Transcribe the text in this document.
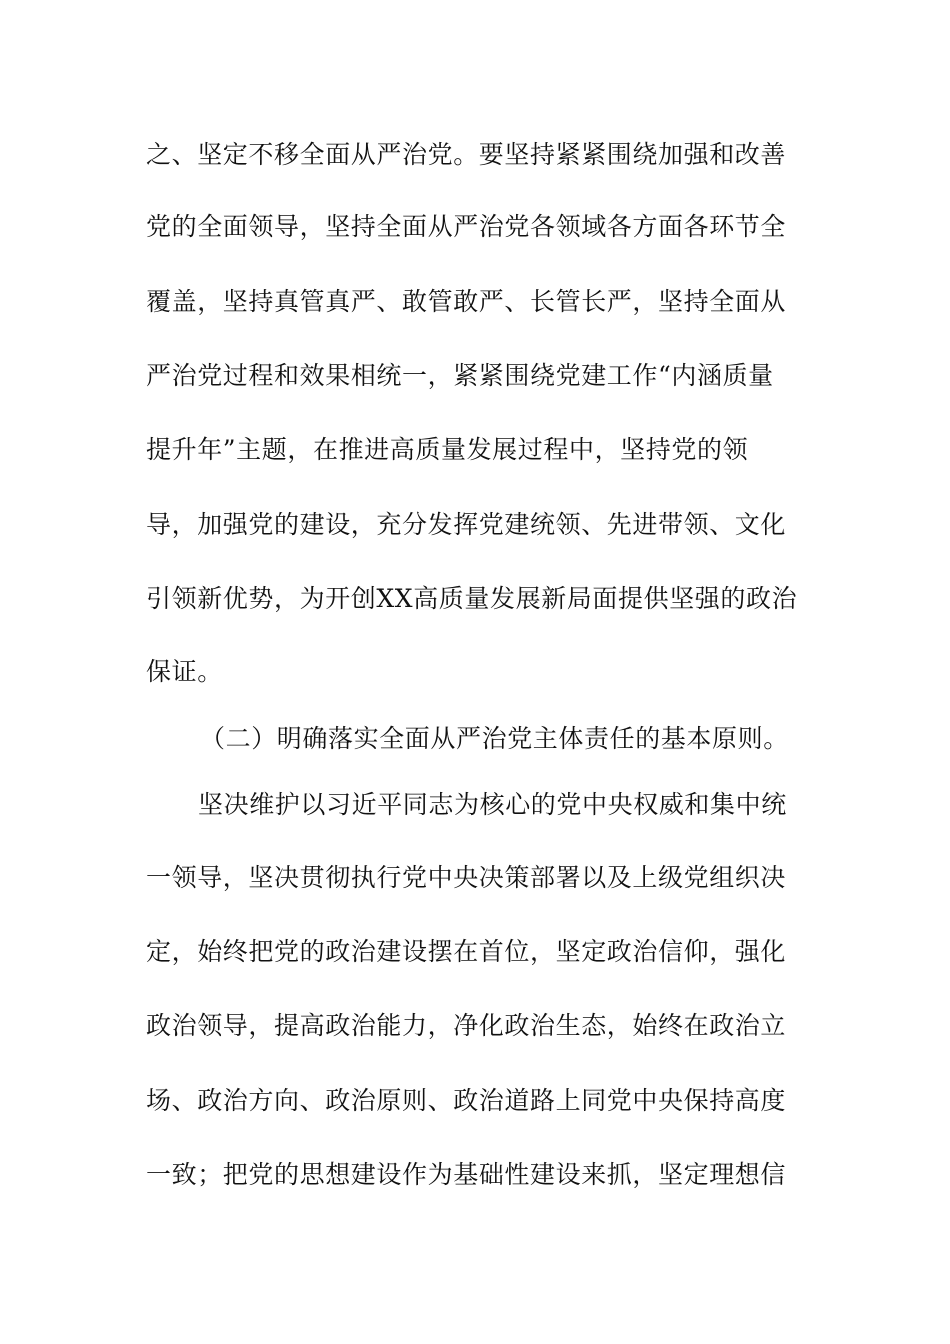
之、坚定不移全面从严治党。要坚持紧紧围绕加强和改善
党的全面领导，坚持全面从严治党各领域各方面各环节全
覆盖，坚持真管真严、敢管敢严、长管长严，坚持全面从
严治党过程和效果相统一，紧紧围绕党建工作“内涵质量
提升年”主题，在推进高质量发展过程中，坚持党的领
导，加强党的建设，充分发挥党建统领、先进带领、文化
引领新优势，为开创XX高质量发展新局面提供坚强的政治
保证。
（二）明确落实全面从严治党主体责任的基本原则。
坚决维护以习近平同志为核心的党中央权威和集中统
一领导，坚决贯彻执行党中央决策部署以及上级党组织决
定，始终把党的政治建设摆在首位，坚定政治信仰，强化
政治领导，提高政治能力，净化政治生态，始终在政治立
场、政治方向、政治原则、政治道路上同党中央保持高度
一致；把党的思想建设作为基础性建设来抓，坚定理想信
